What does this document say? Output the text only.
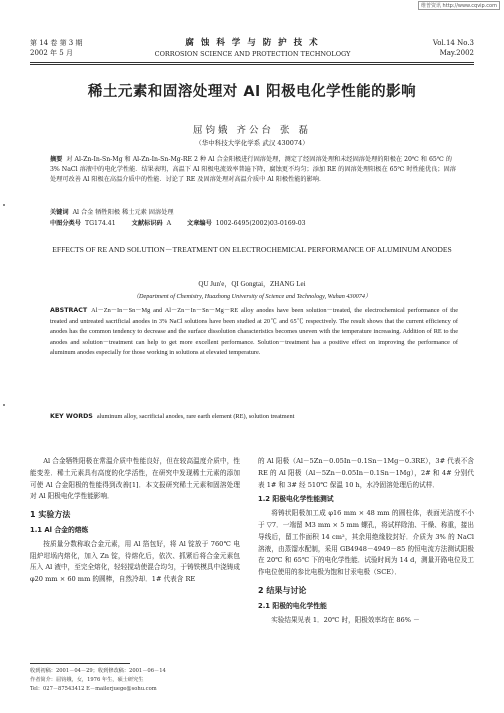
维普资讯 http://www.cqvip.com
第 14 卷 第 3 期
2002 年 5 月
腐 蚀 科 学 与 防 护 技 术
CORROSION SCIENCE AND PROTECTION TECHNOLOGY
Vol.14 No.3
May.2002
稀土元素和固溶处理对 Al 阳极电化学性能的影响
屈钧娥 齐公台 张 磊
（华中科技大学化学系 武汉 430074）
摘要 对 Al-Zn-In-Sn-Mg 和 Al-Zn-In-Sn-Mg-RE 2 种 Al 合金阳极进行固溶处理，测定了经固溶处理和未经固溶处理的阳极在 20℃ 和 65℃ 的 3% NaCl 溶液中的电化学性能．结果表明，高温下 Al 阳极电流效率普遍下降，腐蚀更不均匀；添加 RE 的固溶处理阳极在 65℃ 时性能优良；固溶处理可改善 Al 阳极在高温介质中的性能．讨论了 RE 及固溶处理对高温介质中 Al 阳极性能的影响．
关键词 Al 合金 牺牲阳极 稀土元素 固溶处理
中图分类号 TG174.41	文献标识码 A	文章编号 1002-6495(2002)03-0169-03
EFFECTS OF RE AND SOLUTION－TREATMENT ON ELECTROCHEMICAL PERFORMANCE OF ALUMINUM ANODES
QU Jun'e，QI Gongtai，ZHANG Lei
（Department of Chemistry, Huazhong University of Science and Technology, Wuhan 430074）
ABSTRACT Al－Zn－In－Sn－Mg and Al－Zn－In－Sn－Mg－RE alloy anodes have been solution－treated, the electrochemical performance of the treated and untreated sacrificial anodes in 3% NaCl solutions have been studied at 20℃ and 65℃ respectively. The result shows that the current efficiency of anodes has the common tendency to decrease and the surface dissolution characteristics becomes uneven with the temperature increasing. Addition of RE to the anodes and solution－treatment can help to get more excellent performance. Solution－treatment has a positive effect on improving the performance of aluminum anodes especially for those working in solutions at elevated temperature.
KEY WORDS aluminum alloy, sacrificial anodes, rare earth element (RE), solution treatment
Al 合金牺牲阳极在常温介质中性能良好，但在较高温度介质中，性能变差．稀土元素具有高度的化学活性，在研究中发现稀土元素的添加可使 Al 合金阳极的性能得到改善[1]．本文报研究稀土元素和固溶处理对 Al 阳极电化学性能影响．
1 实验方法
1.1 Al 合金的熔炼
按质量分数称取合金元素，用 Al 箔包好，将 Al 锭放于 760℃ 电阻炉坩埚内熔化，加入 Zn 锭，待熔化后，依次、抓紧后将合金元素包压入 Al 液中，至完全熔化，轻轻搅动使混合均匀，于铸铁模具中浇铸成 φ20 mm × 60 mm 的圆棒，自然冷却．1# 代表含 RE
的 Al 阳极（Al－5Zn－0.05In－0.1Sn－1Mg－0.3RE），3# 代表不含 RE 的 Al 阳极（Al－5Zn－0.05In－0.1Sn－1Mg），2# 和 4# 分别代表 1# 和 3# 经 510℃ 保温 10 h，水冷固溶处理后的试样．
1.2 阳极电化学性能测试
将铸状阳极加工成 φ16 mm × 48 mm 的圆柱体，表面光洁度不小于 ▽7．一端留 M3 mm × 5 mm 螺孔，将试样除油、干燥、称重，接出导线后，留工作面积 14 cm²，其余用绝缘胶封好．介质为 3% 的 NaCl 溶液，由蒸馏水配制，采用 GB4948－4949－85 的恒电流方法测试阳极在 20℃ 和 65℃ 下的电化学性能．试验时间为 14 d，测量开路电位及工作电位使用的参比电极为饱和甘汞电极（SCE）．
2 结果与讨论
2.1 阳极的电化学性能
实验结果见表 1．20℃ 时，阳极效率均在 86% －
收到初稿：2001－04－29；收到修改稿：2001－06－14
作者简介：屈钧娥，女，1976 年生，硕士研究生
Tel：027－87543412 E－mailerjuege@sohu.com
